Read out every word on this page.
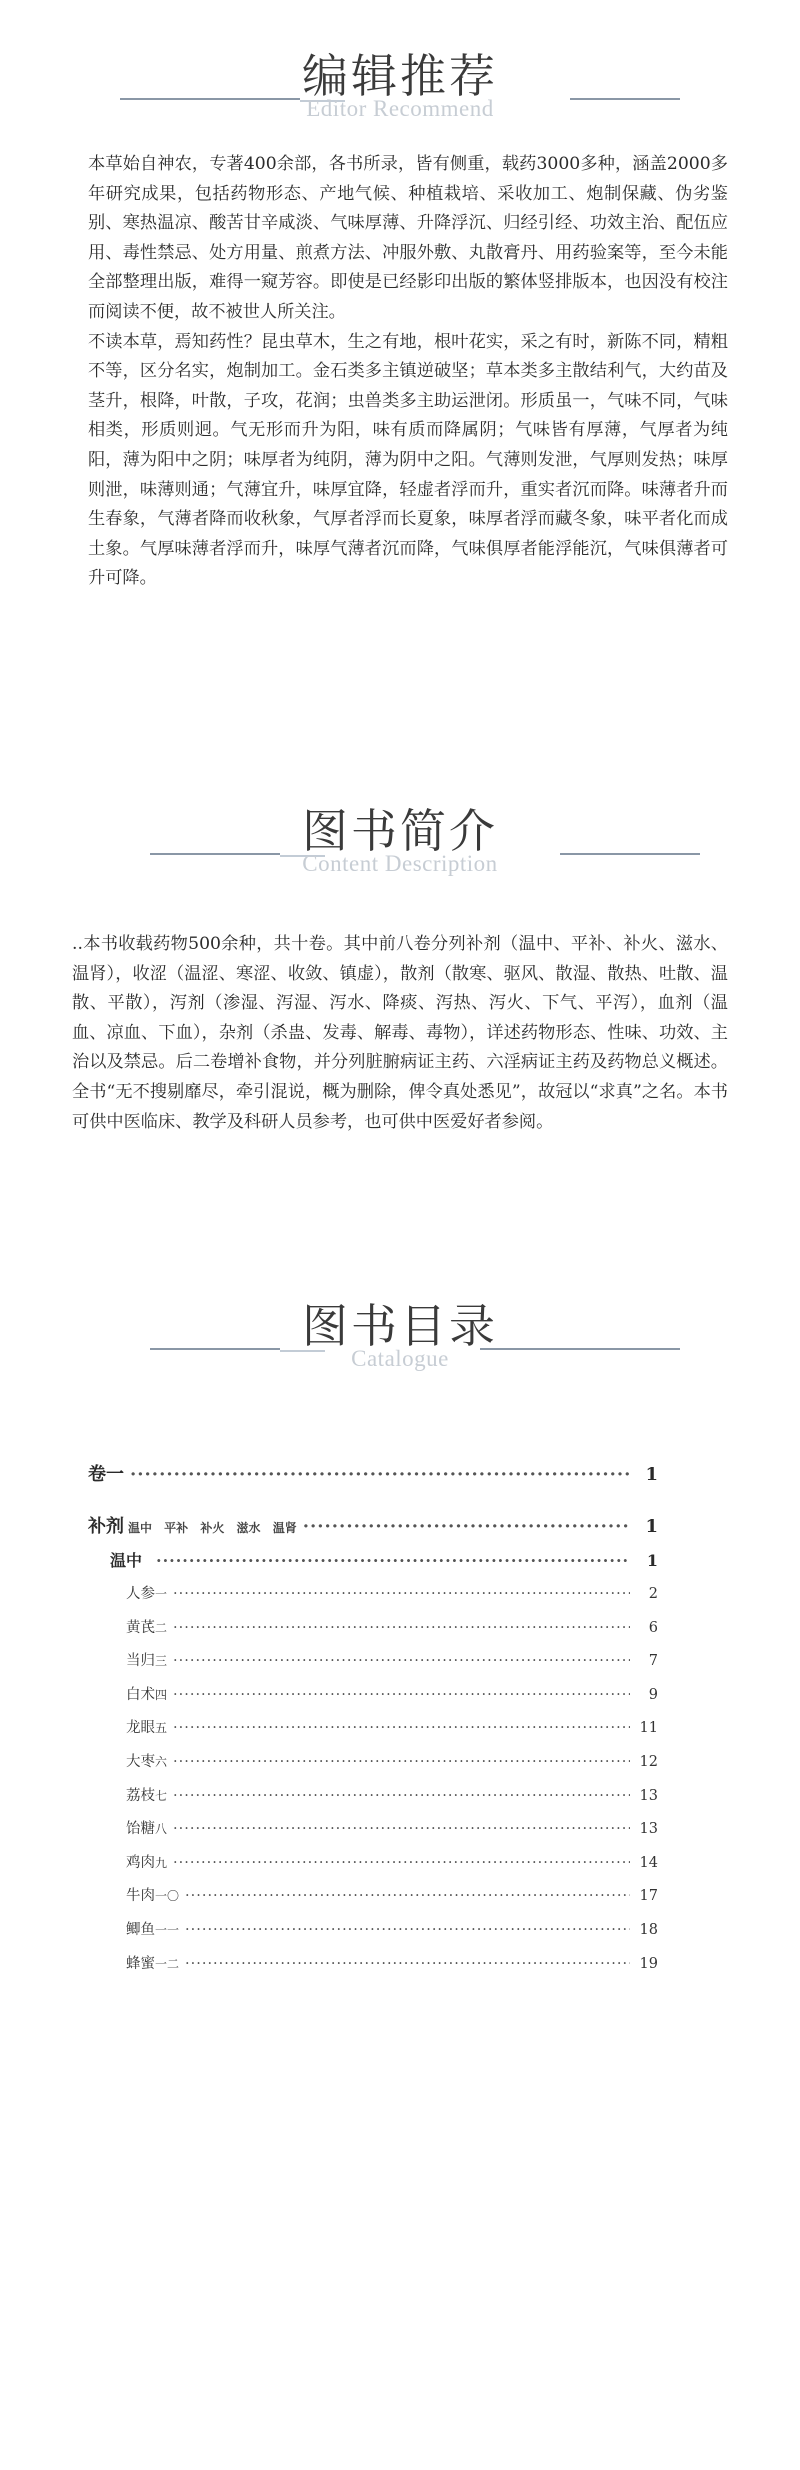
编辑推荐
Editor Recommend

本草始自神农，专著400余部，各书所录，皆有侧重，载药3000多种，涵盖2000多年研究成果，包括药物形态、产地气候、种植栽培、采收加工、炮制保藏、伪劣鉴别、寒热温凉、酸苦甘辛咸淡、气味厚薄、升降浮沉、归经引经、功效主治、配伍应用、毒性禁忌、处方用量、煎煮方法、冲服外敷、丸散膏丹、用药验案等，至今未能全部整理出版，难得一窥芳容。即使是已经影印出版的繁体竖排版本，也因没有校注而阅读不便，故不被世人所关注。

不读本草，焉知药性？昆虫草木，生之有地，根叶花实，采之有时，新陈不同，精粗不等，区分名实，炮制加工。金石类多主镇逆破坚；草本类多主散结利气，大约苗及茎升，根降，叶散，子攻，花润；虫兽类多主助运泄闭。形质虽一，气味不同，气味相类，形质则迥。气无形而升为阳，味有质而降属阴；气味皆有厚薄，气厚者为纯阳，薄为阳中之阴；味厚者为纯阴，薄为阴中之阳。气薄则发泄，气厚则发热；味厚则泄，味薄则通；气薄宜升，味厚宜降，轻虚者浮而升，重实者沉而降。味薄者升而生春象，气薄者降而收秋象，气厚者浮而长夏象，味厚者浮而藏冬象，味平者化而成土象。气厚味薄者浮而升，味厚气薄者沉而降，气味俱厚者能浮能沉，气味俱薄者可升可降。

图书简介
Content Description

..本书收载药物500余种，共十卷。其中前八卷分列补剂（温中、平补、补火、滋水、温肾），收涩（温涩、寒涩、收敛、镇虚），散剂（散寒、驱风、散湿、散热、吐散、温散、平散），泻剂（渗湿、泻湿、泻水、降痰、泻热、泻火、下气、平泻），血剂（温血、凉血、下血），杂剂（杀蛊、发毒、解毒、毒物），详述药物形态、性味、功效、主治以及禁忌。后二卷增补食物，并分列脏腑病证主药、六淫病证主药及药物总义概述。全书“无不搜剔靡尽，牵引混说，概为删除，俾令真处悉见”，故冠以“求真”之名。本书可供中医临床、教学及科研人员参考，也可供中医爱好者参阅。

图书目录
Catalogue
卷一 ·····	1
补剂 温中 平补 补火 滋水 温肾 ·····	1
温中 ·····	1
人参一 ·····	2
黄芪二 ·····	6
当归三 ·····	7
白术四 ·····	9
龙眼五 ·····	11
大枣六 ·····	12
荔枝七 ·····	13
饴糖八 ·····	13
鸡肉九 ·····	14
牛肉一〇 ·····	17
鲫鱼一一 ·····	18
蜂蜜一二 ·····	19
